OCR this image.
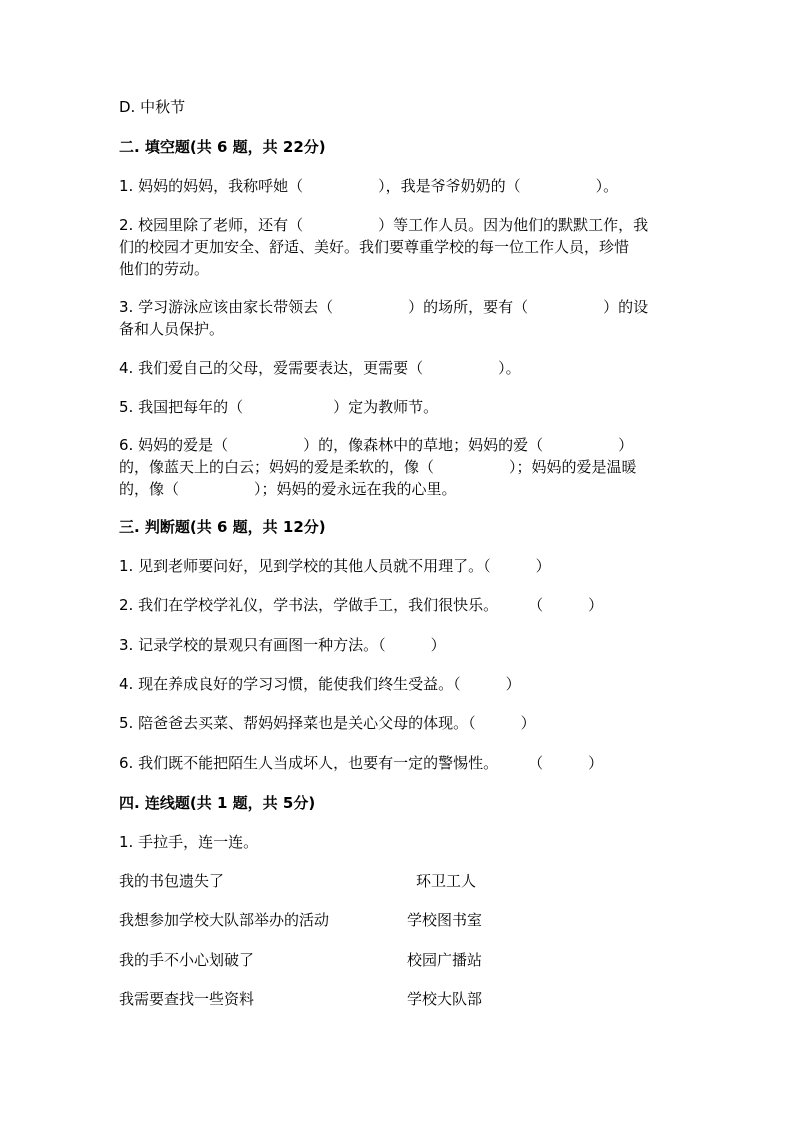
D. 中秋节
二. 填空题(共 6 题，共 22分)
1. 妈妈的妈妈，我称呼她（　　　　　），我是爷爷奶奶的（　　　　　）。
2. 校园里除了老师，还有（　　　　　）等工作人员。因为他们的默默工作，我
们的校园才更加安全、舒适、美好。我们要尊重学校的每一位工作人员，珍惜
他们的劳动。
3. 学习游泳应该由家长带领去（　　　　　）的场所，要有（　　　　　）的设
备和人员保护。
4. 我们爱自己的父母，爱需要表达，更需要（　　　　　）。
5. 我国把每年的（　　　　　　）定为教师节。
6. 妈妈的爱是（　　　　　）的，像森林中的草地；妈妈的爱（　　　　　）
的，像蓝天上的白云；妈妈的爱是柔软的，像（　　　　　）；妈妈的爱是温暖
的，像（　　　　　）；妈妈的爱永远在我的心里。
三. 判断题(共 6 题，共 12分)
1. 见到老师要问好，见到学校的其他人员就不用理了。（　　　）
2. 我们在学校学礼仪，学书法，学做手工，我们很快乐。　　　（　　　）
3. 记录学校的景观只有画图一种方法。（　　　）
4. 现在养成良好的学习习惯，能使我们终生受益。（　　　）
5. 陪爸爸去买菜、帮妈妈择菜也是关心父母的体现。（　　　）
6. 我们既不能把陌生人当成坏人，也要有一定的警惕性。　　　（　　　）
四. 连线题(共 1 题，共 5分)
1. 手拉手，连一连。
我的书包遗失了	环卫工人
我想参加学校大队部举办的活动	学校图书室
我的手不小心划破了	校园广播站
我需要查找一些资料	学校大队部
